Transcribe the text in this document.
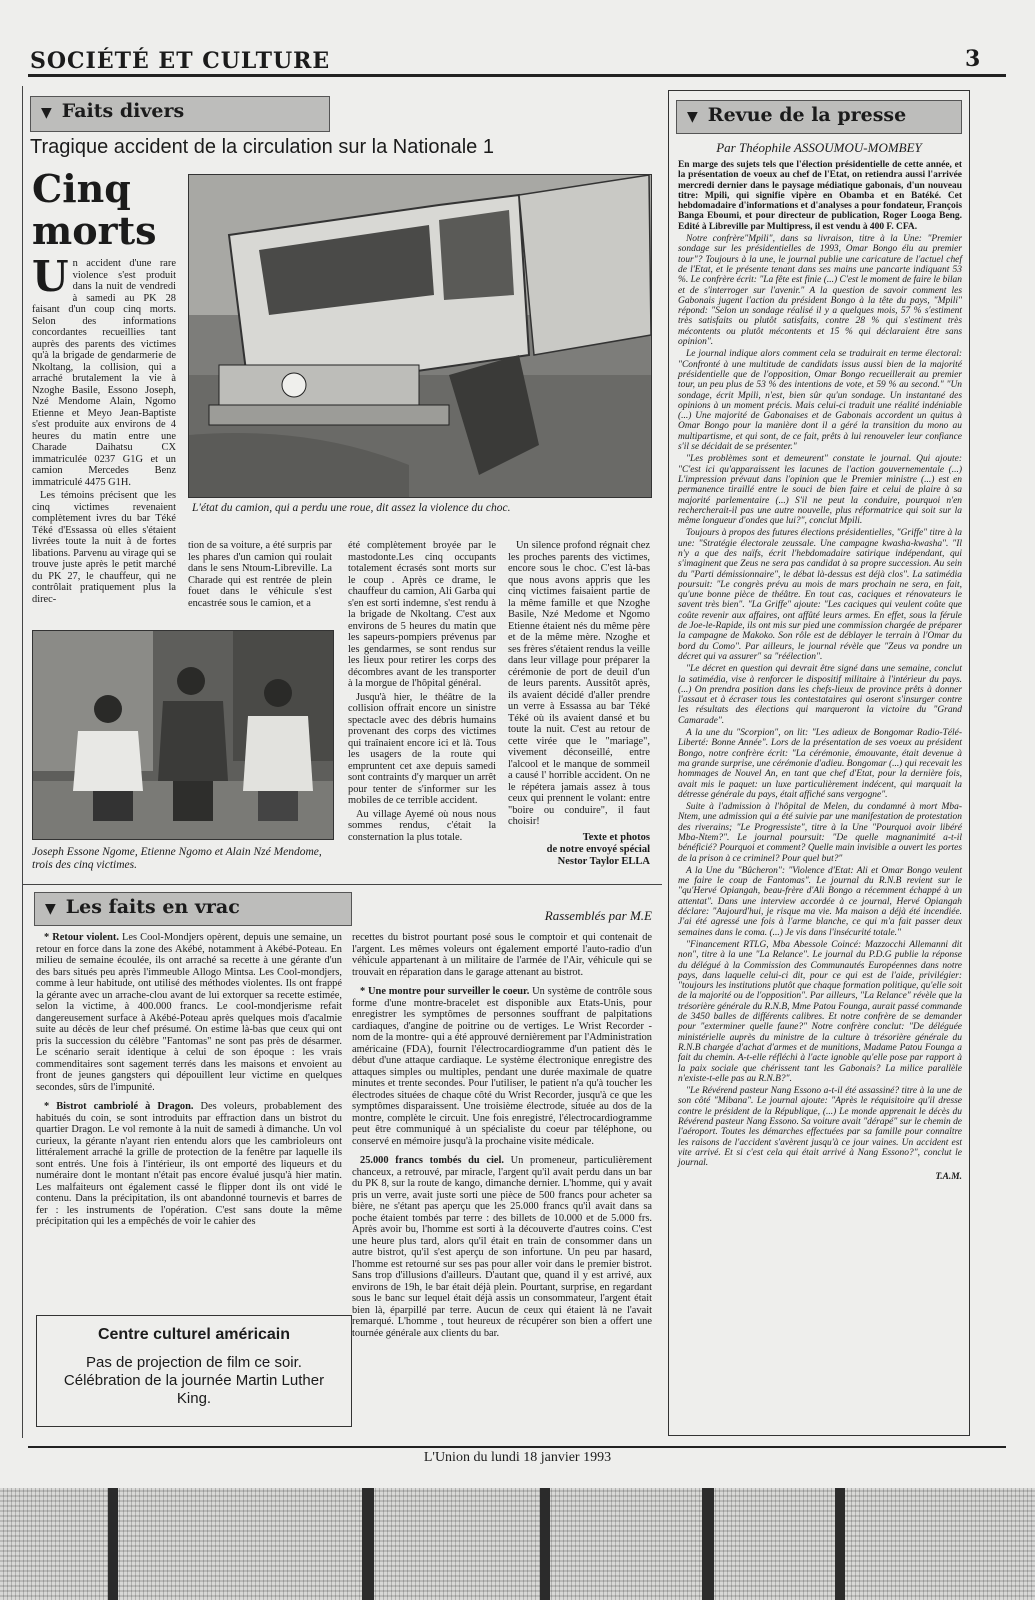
SOCIÉTÉ ET CULTURE	3
▼ Faits divers
Tragique accident de la circulation sur la Nationale 1
Cinq
morts
Un accident d'une rare violence s'est produit dans la nuit de vendredi à samedi au PK 28 faisant d'un coup cinq morts. Selon des informations concordantes recueillies tant auprès des parents des victimes qu'à la brigade de gendarmerie de Nkoltang, la collision, qui a arraché brutalement la vie à Nzoghe Basile, Essono Joseph, Nzé Mendome Alain, Ngomo Etienne et Meyo Jean-Baptiste s'est produite aux environs de 4 heures du matin entre une Charade Daihatsu CX immatriculée 0237 G1G et un camion Mercedes Benz immatriculé 4475 G1H.

Les témoins précisent que les cinq victimes revenaient complètement ivres du bar Téké Téké d'Essassa où elles s'étaient livrées toute la nuit à de fortes libations. Parvenu au virage qui se trouve juste après le petit marché du PK 27, le chauffeur, qui ne contrôlait pratiquement plus la direc-

L'état du camion, qui a perdu une roue, dit assez la violence du choc.

tion de sa voiture, a été surpris par les phares d'un camion qui roulait dans le sens Ntoum-Libreville. La Charade qui est rentrée de plein fouet dans le véhicule s'est encastrée sous le camion, et a

été complètement broyée par le mastodonte.Les cinq occupants totalement écrasés sont morts sur le coup . Après ce drame, le chauffeur du camion, Ali Garba qui s'en est sorti indemne, s'est rendu à la brigade de Nkoltang. C'est aux environs de 5 heures du matin que les sapeurs-pompiers prévenus par les gendarmes, se sont rendus sur les lieux pour retirer les corps des décombres avant de les transporter à la morgue de l'hôpital général.

Jusqu'à hier, le théâtre de la collision offrait encore un sinistre spectacle avec des débris humains provenant des corps des victimes qui traînaient encore ici et là. Tous les usagers de la route qui empruntent cet axe depuis samedi sont contraints d'y marquer un arrêt pour tenter de s'informer sur les mobiles de ce terrible accident.

Au village Ayemé où nous nous sommes rendus, c'était la consternation la plus totale.

Un silence profond régnait chez les proches parents des victimes, encore sous le choc. C'est là-bas que nous avons appris que les cinq victimes faisaient partie de la même famille et que Nzoghe Basile, Nzé Medome et Ngomo Etienne étaient nés du même père et de la même mère. Nzoghe et ses frères s'étaient rendus la veille dans leur village pour préparer la cérémonie de port de deuil d'un de leurs parents. Aussitôt après, ils avaient décidé d'aller prendre un verre à Essassa au bar Téké Téké où ils avaient dansé et bu toute la nuit. C'est au retour de cette virée que le "mariage", vivement déconseillé, entre l'alcool et le manque de sommeil a causé l' horrible accident. On ne le répétera jamais assez à tous ceux qui prennent le volant: entre "boire ou conduire", il faut choisir!

Texte et photos
de notre envoyé spécial
Nestor Taylor ELLA
Joseph Essone Ngome, Etienne Ngomo et Alain Nzé Mendome, trois des cinq victimes.
▼ Les faits en vrac	Rassemblés par M.E

* Retour violent. Les Cool-Mondjers opèrent, depuis une semaine, un retour en force dans la zone des Akébé, notamment à Akébé-Poteau. En milieu de semaine écoulée, ils ont arraché sa recette à une gérante d'un des bars situés peu après l'immeuble Allogo Mintsa. Les Cool-mondjers, comme à leur habitude, ont utilisé des méthodes violentes. Ils ont frappé la gérante avec un arrache-clou avant de lui extorquer sa recette estimée, selon la victime, à 400.000 francs. Le cool-mondjerisme refait dangereusement surface à Akébé-Poteau après quelques mois d'acalmie suite au décès de leur chef présumé. On estime là-bas que ceux qui ont pris la succession du célèbre "Fantomas" ne sont pas près de désarmer. Le scénario serait identique à celui de son époque : les vrais commenditaires sont sagement terrés dans les maisons et envoient au front de jeunes gangsters qui dépouillent leur victime en quelques secondes, sûrs de l'impunité.

* Bistrot cambriolé à Dragon. Des voleurs, probablement des habitués du coin, se sont introduits par effraction dans un bistrot du quartier Dragon. Le vol remonte à la nuit de samedi à dimanche. Un vol curieux, la gérante n'ayant rien entendu alors que les cambrioleurs ont littéralement arraché la grille de protection de la fenêtre par laquelle ils sont entrés. Une fois à l'intérieur, ils ont emporté des liqueurs et du numéraire dont le montant n'était pas encore évalué jusqu'à hier matin. Les malfaiteurs ont également cassé le flipper dont ils ont vidé le contenu. Dans la précipitation, ils ont abandonné tournevis et barres de fer : les instruments de l'opération. C'est sans doute la même précipitation qui les a empêchés de voir le cahier des

recettes du bistrot pourtant posé sous le comptoir et qui contenait de l'argent. Les mêmes voleurs ont également emporté l'auto-radio d'un véhicule appartenant à un militaire de l'armée de l'Air, véhicule qui se trouvait en réparation dans le garage attenant au bistrot.

* Une montre pour surveiller le coeur. Un système de contrôle sous forme d'une montre-bracelet est disponible aux Etats-Unis, pour enregistrer les symptômes de personnes souffrant de palpitations cardiaques, d'angine de poitrine ou de vertiges. Le Wrist Recorder - nom de la montre- qui a été approuvé dernièrement par l'Administration américaine (FDA), fournit l'électrocardiogramme d'un patient dès le début d'une attaque cardiaque. Le système électronique enregistre des attaques simples ou multiples, pendant une durée maximale de quatre minutes et trente secondes. Pour l'utiliser, le patient n'a qu'à toucher les électrodes situées de chaque côté du Wrist Recorder, jusqu'à ce que les symptômes disparaissent. Une troisième électrode, située au dos de la montre, complète le circuit. Une fois enregistré, l'électrocardiogramme peut être communiqué à un spécialiste du coeur par téléphone, ou conservé en mémoire jusqu'à la prochaine visite médicale.

25.000 francs tombés du ciel. Un promeneur, particulièrement chanceux, a retrouvé, par miracle, l'argent qu'il avait perdu dans un bar du PK 8, sur la route de kango, dimanche dernier. L'homme, qui y avait pris un verre, avait juste sorti une pièce de 500 francs pour acheter sa bière, ne s'étant pas aperçu que les 25.000 francs qu'il avait dans sa poche étaient tombés par terre : des billets de 10.000 et de 5.000 frs. Après avoir bu, l'homme est sorti à la découverte d'autres coins. C'est une heure plus tard, alors qu'il était en train de consommer dans un autre bistrot, qu'il s'est aperçu de son infortune. Un peu par hasard, l'homme est retourné sur ses pas pour aller voir dans le premier bistrot. Sans trop d'illusions d'ailleurs. D'autant que, quand il y est arrivé, aux environs de 19h, le bar était déjà plein. Pourtant, surprise, en regardant sous le banc sur lequel était déjà assis un consommateur, l'argent était bien là, éparpillé par terre. Aucun de ceux qui étaient là ne l'avait remarqué. L'homme , tout heureux de récupérer son bien a offert une tournée générale aux clients du bar.

Centre culturel américain
Pas de projection de film ce soir. Célébration de la journée Martin Luther King.
▼ Revue de la presse
Par Théophile ASSOUMOU-MOMBEY

En marge des sujets tels que l'élection présidentielle de cette année, et la présentation de voeux au chef de l'Etat, on retiendra aussi l'arrivée mercredi dernier dans le paysage médiatique gabonais, d'un nouveau titre: Mpili, qui signifie vipère en Obamba et en Batéké. Cet hebdomadaire d'informations et d'analyses a pour fondateur, François Banga Eboumi, et pour directeur de publication, Roger Looga Beng. Edité à Libreville par Multipress, il est vendu à 400 F. CFA.

Notre confrère"Mpili", dans sa livraison, titre à la Une: "Premier sondage sur les présidentielles de 1993, Omar Bongo élu au premier tour"? Toujours à la une, le journal publie une caricature de l'actuel chef de l'Etat, et le présente tenant dans ses mains une pancarte indiquant 53 %. Le confrère écrit: "La fête est finie (...) C'est le moment de faire le bilan et de s'interroger sur l'avenir." A la question de savoir comment les Gabonais jugent l'action du président Bongo à la tête du pays, "Mpili" répond: "Selon un sondage réalisé il y a quelques mois, 57 % s'estiment très satisfaits ou plutôt satisfaits, contre 28 % qui s'estiment très mécontents ou plutôt mécontents et 15 % qui déclaraient être sans opinion".

Le journal indique alors comment cela se traduirait en terme électoral: "Confronté à une multitude de candidats issus aussi bien de la majorité présidentielle que de l'opposition, Omar Bongo recueillerait au premier tour, un peu plus de 53 % des intentions de vote, et 59 % au second." "Un sondage, écrit Mpili, n'est, bien sûr qu'un sondage. Un instantané des opinions à un moment précis. Mais celui-ci traduit une réalité indéniable (...) Une majorité de Gabonaises et de Gabonais accordent un quitus à Omar Bongo pour la manière dont il a géré la transition du mono au multipartisme, et qui sont, de ce fait, prêts à lui renouveler leur confiance s'il se décidait de se présenter."

"Les problèmes sont et demeurent" constate le journal. Qui ajoute: "C'est ici qu'apparaissent les lacunes de l'action gouvernementale (...) L'impression prévaut dans l'opinion que le Premier ministre (...) est en permanence tiraillé entre le souci de bien faire et celui de plaire à sa majorité parlementaire (...) S'il ne peut la conduire, pourquoi n'en rechercherait-il pas une autre nouvelle, plus réformatrice qui soit sur la même longueur d'ondes que lui?", conclut Mpili.

Toujours à propos des futures élections présidentielles, "Griffe" titre à la une: "Stratégie électorale zeussale. Une campagne kwasha-kwasha". "Il n'y a que des naïfs, écrit l'hebdomadaire satirique indépendant, qui s'imaginent que Zeus ne sera pas candidat à sa propre succession. Au sein du "Parti démissionnaire", le débat là-dessus est déjà clos". La satimédia poursuit: "Le congrès prévu au mois de mars prochain ne sera, en fait, qu'une bonne pièce de théâtre. En tout cas, caciques et rénovateurs le savent très bien". "La Griffe" ajoute: "Les caciques qui veulent coûte que coûte revenir aux affaires, ont affûté leurs armes. En effet, sous la férule de Joe-le-Rapide, ils ont mis sur pied une commission chargée de préparer la campagne de Makoko. Son rôle est de déblayer le terrain à l'Omar du bord du Como". Par ailleurs, le journal révèle que "Zeus va pondre un décret qui va assurer" sa "réélection".

"Le décret en question qui devrait être signé dans une semaine, conclut la satimédia, vise à renforcer le dispositif militaire à l'intérieur du pays.(...) On prendra position dans les chefs-lieux de province prêts à donner l'assaut et à écraser tous les contestataires qui oseront s'insurger contre les résultats des élections qui marqueront la victoire du "Grand Camarade".

A la une du "Scorpion", on lit: "Les adieux de Bongomar Radio-Télé-Liberté: Bonne Année". Lors de la présentation de ses voeux au président Bongo, notre confrère écrit: "La cérémonie, émouvante, était devenue à ma grande surprise, une cérémonie d'adieu. Bongomar (...) qui recevait les hommages de Nouvel An, en tant que chef d'Etat, pour la dernière fois, avait mis le paquet: un luxe particulièrement indécent, qui marquait la détresse générale du pays, était affiché sans vergogne".

Suite à l'admission à l'hôpital de Melen, du condamné à mort Mba-Ntem, une admission qui a été suivie par une manifestation de protestation des riverains; "Le Progressiste", titre à la Une "Pourquoi avoir libéré Mba-Ntem?". Le journal poursuit: "De quelle magnanimité a-t-il bénéficié? Pourquoi et comment? Quelle main invisible a ouvert les portes de la prison à ce criminel? Pour quel but?"

A la Une du "Bûcheron": "Violence d'Etat: Ali et Omar Bongo veulent me faire le coup de Fantomas". Le journal du R.N.B revient sur le "qu'Hervé Opiangah, beau-frère d'Ali Bongo a récemment échappé à un attentat". Dans une interview accordée à ce journal, Hervé Opiangah déclare: "Aujourd'hui, je risque ma vie. Ma maison a déjà été incendiée. J'ai été agressé une fois à l'arme blanche, ce qui m'a fait passer deux semaines dans le coma. (...) Je vis dans l'insécurité totale."

"Financement RTLG, Mba Abessole Coincé: Mazzocchi Allemanni dit non", titre à la une "La Relance". Le journal du P.D.G publie la réponse du délégué à la Commission des Communautés Européennes dans notre pays, dans laquelle celui-ci dit, pour ce qui est de l'aide, privilégier: "toujours les institutions plutôt que chaque formation politique, qu'elle soit de la majorité ou de l'opposition". Par ailleurs, "La Relance" révèle que la trésorière générale du R.N.B, Mme Patou Founga, aurait passé commande de 3450 balles de différents calibres. Et notre confrère de se demander pour "exterminer quelle faune?" Notre confrère conclut: "De déléguée ministérielle auprès du ministre de la culture à trésorière générale du R.N.B chargée d'achat d'armes et de munitions, Madame Patou Founga a fait du chemin. A-t-elle réfléchi à l'acte ignoble qu'elle pose par rapport à la paix sociale que chérissent tant les Gabonais? La milice parallèle n'existe-t-elle pas au R.N.B?".

"Le Révérend pasteur Nang Essono a-t-il été assassiné? titre à la une de son côté "Mibana". Le journal ajoute: "Après le réquisitoire qu'il dresse contre le président de la République, (...) Le monde apprenait le décès du Révérend pasteur Nang Essono. Sa voiture avait "dérapé" sur le chemin de l'aéroport. Toutes les démarches effectuées par sa famille pour connaître les raisons de l'accident s'avèrent jusqu'à ce jour vaines. Un accident est vite arrivé. Et si c'est cela qui était arrivé à Nang Essono?", conclut le journal.

T.A.M.
L'Union du lundi 18 janvier 1993
